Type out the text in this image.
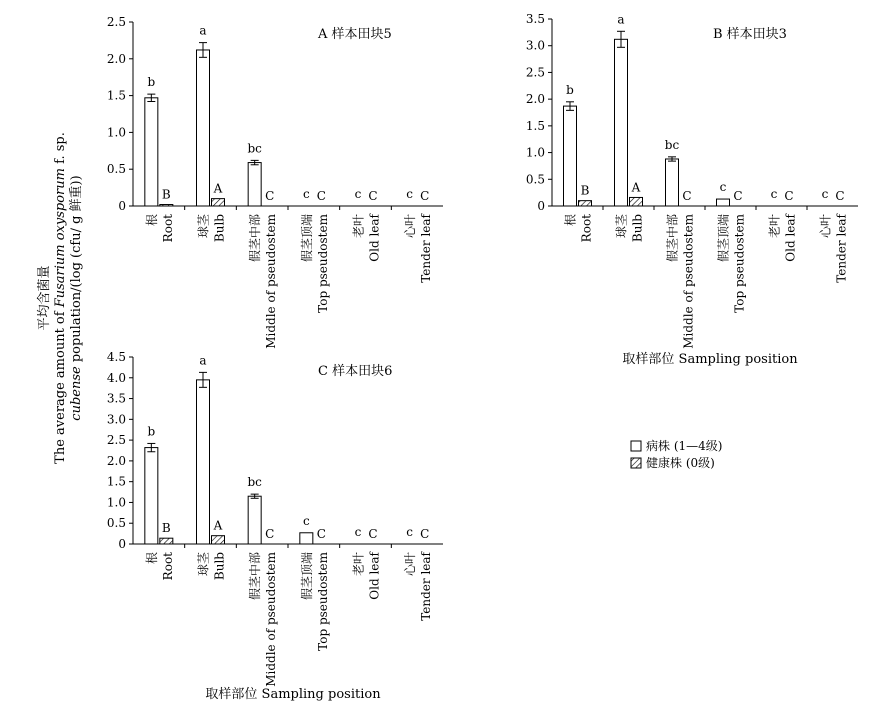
平均含菌量
The average amount of Fusarium oxysporum f. sp.
cubense population/(log (cfu/ g 鲜重))	0
0.5
1.0
1.5
2.0
2.5
A 样本田块5
b
B
根 Root
a
A
球茎 Bulb
bc
C
假茎中部 Middle of pseudostem
c C
假茎顶端 Top pseudostem
c C
老叶 Old leaf
c C
心叶 Tender leaf
0
0.5
1.0
1.5
2.0
2.5
3.0
3.5
B 样本田块3
b
B
根 Root
a
A
球茎 Bulb
bc
C
假茎中部 Middle of pseudostem
c
C
假茎顶端 Top pseudostem
c C
老叶 Old leaf
c C
心叶 Tender leaf
取样部位 Sampling position
0
0.5
1.0
1.5
2.0
2.5
3.0
3.5
4.0
4.5
C 样本田块6
b
B
根 Root
a
A
球茎 Bulb
bc
C
假茎中部 Middle of pseudostem
c
C
假茎顶端 Top pseudostem
c C
老叶 Old leaf
c C
心叶 Tender leaf
取样部位 Sampling position
病株 (1—4级)
健康株 (0级)
